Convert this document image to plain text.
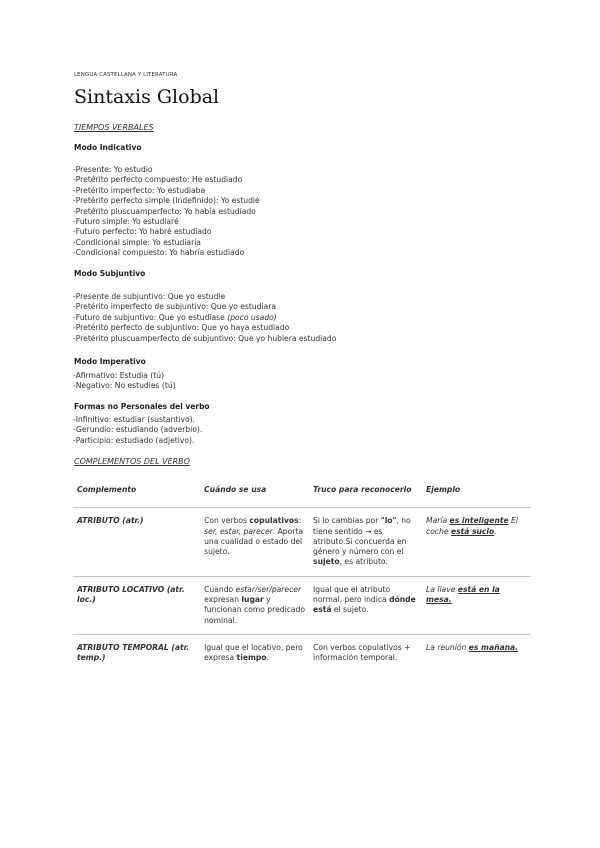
LENGUA CASTELLANA Y LITERATURA
Sintaxis Global
TIEMPOS VERBALES
Modo Indicativo
-Presente: Yo estudio
-Pretérito perfecto compuesto: He estudiado
-Pretérito imperfecto: Yo estudiaba
-Pretérito perfecto simple (Indefinido): Yo estudié
-Pretérito pluscuamperfecto: Yo había estudiado
-Futuro simple: Yo estudiaré
-Futuro perfecto: Yo habré estudiado
-Condicional simple: Yo estudiaría
-Condicional compuesto: Yo habría estudiado
Modo Subjuntivo
-Presente de subjuntivo: Que yo estudie
-Pretérito imperfecto de subjuntivo: Que yo estudiara
-Futuro de subjuntivo: Que yo estudiase (poco usado)
-Pretérito perfecto de subjuntivo: Que yo haya estudiado
-Pretérito pluscuamperfecto de subjuntivo: Que yo hubiera estudiado
Modo Imperativo
-Afirmativo: Estudia (tú)
-Negativo: No estudies (tú)
Formas no Personales del verbo
-Infinitivo: estudiar (sustantivo).
-Gerundio: estudiando (adverbio).
-Participio: estudiado (adjetivo).
COMPLEMENTOS DEL VERBO
Complemento	Cuándo se usa	Truco para reconocerlo	Ejemplo
ATRIBUTO (atr.)	Con verbos copulativos: ser, estar, parecer. Aporta una cualidad o estado del sujeto.	Si lo cambias por "lo", no tiene sentido → es atributo.Si concuerda en género y número con el sujeto, es atributo.	María es inteligente El coche está sucio.
ATRIBUTO LOCATIVO (atr. loc.)	Cuando estar/ser/parecer expresan lugar y funcionan como predicado nominal.	Igual que el atributo normal, pero indica dónde está el sujeto.	La llave está en la mesa.
ATRIBUTO TEMPORAL (atr. temp.)	Igual que el locativo, pero expresa tiempo.	Con verbos copulativos + información temporal.	La reunión es mañana.
